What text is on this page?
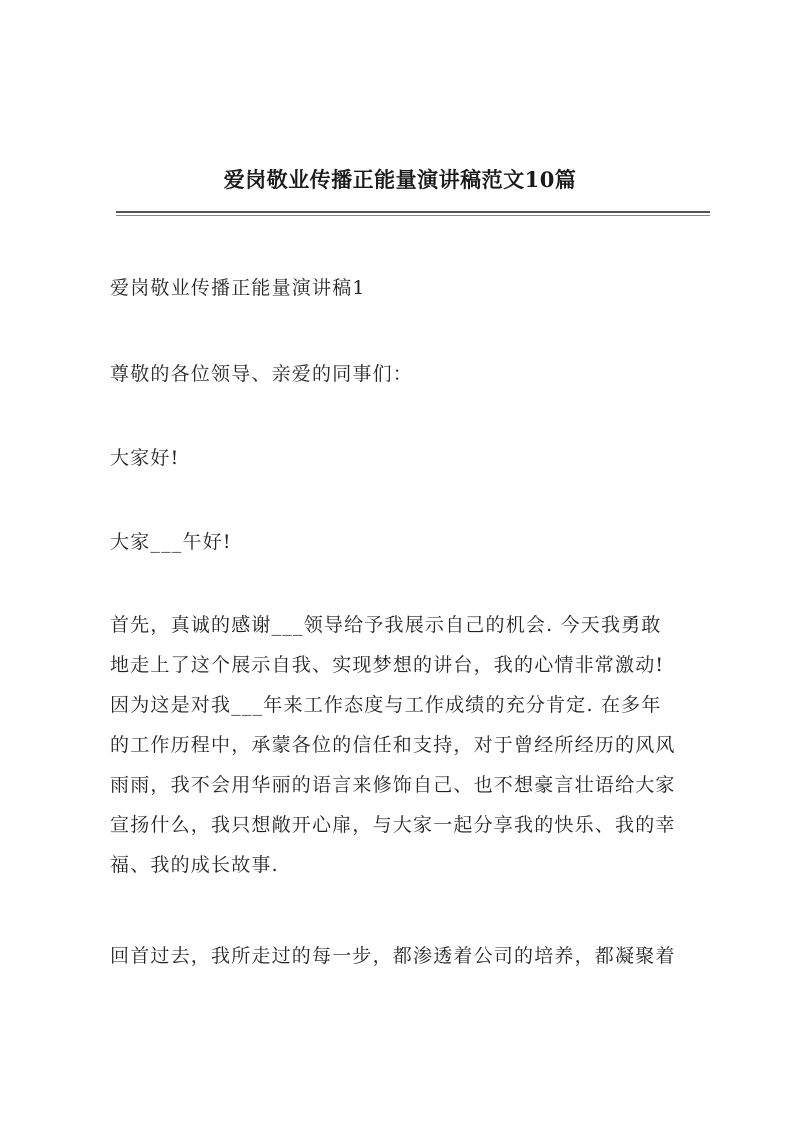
爱岗敬业传播正能量演讲稿范文10篇

爱岗敬业传播正能量演讲稿1

尊敬的各位领导、亲爱的同事们：

大家好!

大家___午好!

首先，真诚的感谢___领导给予我展示自己的机会. 今天我勇敢
地走上了这个展示自我、实现梦想的讲台，我的心情非常激动!
因为这是对我___年来工作态度与工作成绩的充分肯定. 在多年
的工作历程中，承蒙各位的信任和支持，对于曾经所经历的风风
雨雨，我不会用华丽的语言来修饰自己、也不想豪言壮语给大家
宣扬什么，我只想敞开心扉，与大家一起分享我的快乐、我的幸
福、我的成长故事.
回首过去，我所走过的每一步，都渗透着公司的培养，都凝聚着
